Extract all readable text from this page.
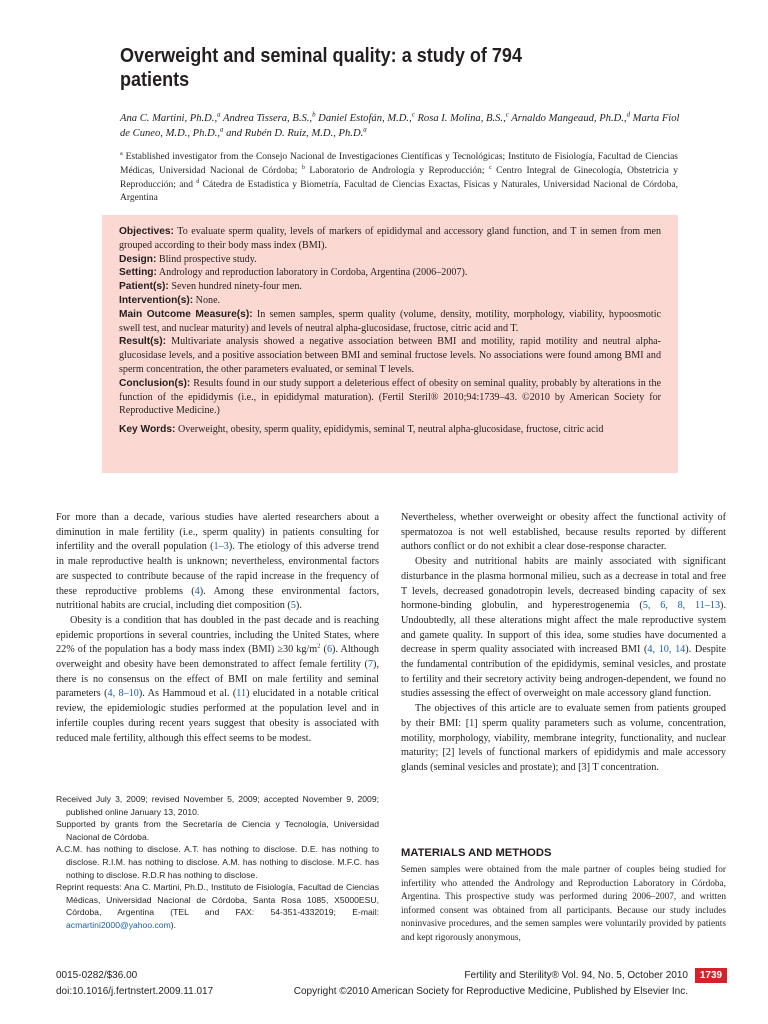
Overweight and seminal quality: a study of 794 patients
Ana C. Martini, Ph.D.,$^a$ Andrea Tissera, B.S.,$^b$ Daniel Estofán, M.D.,$^c$ Rosa I. Molina, B.S.,$^c$ Arnaldo Mangeaud, Ph.D.,$^d$ Marta Fiol de Cuneo, M.D., Ph.D.,$^a$ and Rubén D. Ruiz, M.D., Ph.D.$^a$
$^a$ Established investigator from the Consejo Nacional de Investigaciones Científicas y Tecnológicas; Instituto de Fisiología, Facultad de Ciencias Médicas, Universidad Nacional de Córdoba; $^b$ Laboratorio de Andrología y Reproducción; $^c$ Centro Integral de Ginecología, Obstetricia y Reproducción; and $^d$ Cátedra de Estadistica y Biometría, Facultad de Ciencias Exactas, Físicas y Naturales, Universidad Nacional de Córdoba, Argentina

Objectives: To evaluate sperm quality, levels of markers of epididymal and accessory gland function, and T in semen from men grouped according to their body mass index (BMI).

Design: Blind prospective study.

Setting: Andrology and reproduction laboratory in Cordoba, Argentina (2006–2007).

Patient(s): Seven hundred ninety-four men.

Intervention(s): None.

Main Outcome Measure(s): In semen samples, sperm quality (volume, density, motility, morphology, viability, hypoosmotic swell test, and nuclear maturity) and levels of neutral alpha-glucosidase, fructose, citric acid and T.

Result(s): Multivariate analysis showed a negative association between BMI and motility, rapid motility and neutral alpha-glucosidase levels, and a positive association between BMI and seminal fructose levels. No associations were found among BMI and sperm concentration, the other parameters evaluated, or seminal T levels.

Conclusion(s): Results found in our study support a deleterious effect of obesity on seminal quality, probably by alterations in the function of the epididymis (i.e., in epididymal maturation). (Fertil Steril® 2010;94:1739–43. ©2010 by American Society for Reproductive Medicine.)

Key Words: Overweight, obesity, sperm quality, epididymis, seminal T, neutral alpha-glucosidase, fructose, citric acid

For more than a decade, various studies have alerted researchers about a diminution in male fertility (i.e., sperm quality) in patients consulting for infertility and the overall population (1–3). The etiology of this adverse trend in male reproductive health is unknown; nevertheless, environmental factors are suspected to contribute because of the rapid increase in the frequency of these reproductive problems (4). Among these environmental factors, nutritional habits are crucial, including diet composition (5).

Obesity is a condition that has doubled in the past decade and is reaching epidemic proportions in several countries, including the United States, where 22% of the population has a body mass index (BMI) ≥30 $kg/m^2$ (6). Although overweight and obesity have been demonstrated to affect female fertility (7), there is no consensus on the effect of BMI on male fertility and seminal parameters (4, 8–10). As Hammoud et al. (11) elucidated in a notable critical review, the epidemiologic studies performed at the population level and in infertile couples during recent years suggest that obesity is associated with reduced male fertility, although this effect seems to be modest.

Received July 3, 2009; revised November 5, 2009; accepted November 9, 2009; published online January 13, 2010.

Supported by grants from the Secretaría de Ciencia y Tecnología, Universidad Nacional de Córdoba.

A.C.M. has nothing to disclose. A.T. has nothing to disclose. D.E. has nothing to disclose. R.I.M. has nothing to disclose. A.M. has nothing to disclose. M.F.C. has nothing to disclose. R.D.R has nothing to disclose.

Reprint requests: Ana C. Martini, Ph.D., Instituto de Fisiología, Facultad de Ciencias Médicas, Universidad Nacional de Córdoba, Santa Rosa 1085, X5000ESU, Córdoba, Argentina (TEL and FAX: 54-351-4332019; E-mail: acmartini2000@yahoo.com).

Nevertheless, whether overweight or obesity affect the functional activity of spermatozoa is not well established, because results reported by different authors conflict or do not exhibit a clear dose-response character.

Obesity and nutritional habits are mainly associated with significant disturbance in the plasma hormonal milieu, such as a decrease in total and free T levels, decreased gonadotropin levels, decreased binding capacity of sex hormone-binding globulin, and hyperestrogenemia (5, 6, 8, 11–13). Undoubtedly, all these alterations might affect the male reproductive system and gamete quality. In support of this idea, some studies have documented a decrease in sperm quality associated with increased BMI (4, 10, 14). Despite the fundamental contribution of the epididymis, seminal vesicles, and prostate to fertility and their secretory activity being androgen-dependent, we found no studies assessing the effect of overweight on male accessory gland function.

The objectives of this article are to evaluate semen from patients grouped by their BMI: [1] sperm quality parameters such as volume, concentration, motility, morphology, viability, membrane integrity, functionality, and nuclear maturity; [2] levels of functional markers of epididymis and male accessory glands (seminal vesicles and prostate); and [3] T concentration.

MATERIALS AND METHODS
Semen samples were obtained from the male partner of couples being studied for infertility who attended the Andrology and Reproduction Laboratory in Córdoba, Argentina. This prospective study was performed during 2006–2007, and written informed consent was obtained from all participants. Because our study includes noninvasive procedures, and the semen samples were voluntarily provided by patients and kept rigorously anonymous,
0015-0282/$36.00
doi:10.1016/j.fertnstert.2009.11.017
Fertility and Sterility® Vol. 94, No. 5, October 2010
Copyright ©2010 American Society for Reproductive Medicine, Published by Elsevier Inc.
1739
